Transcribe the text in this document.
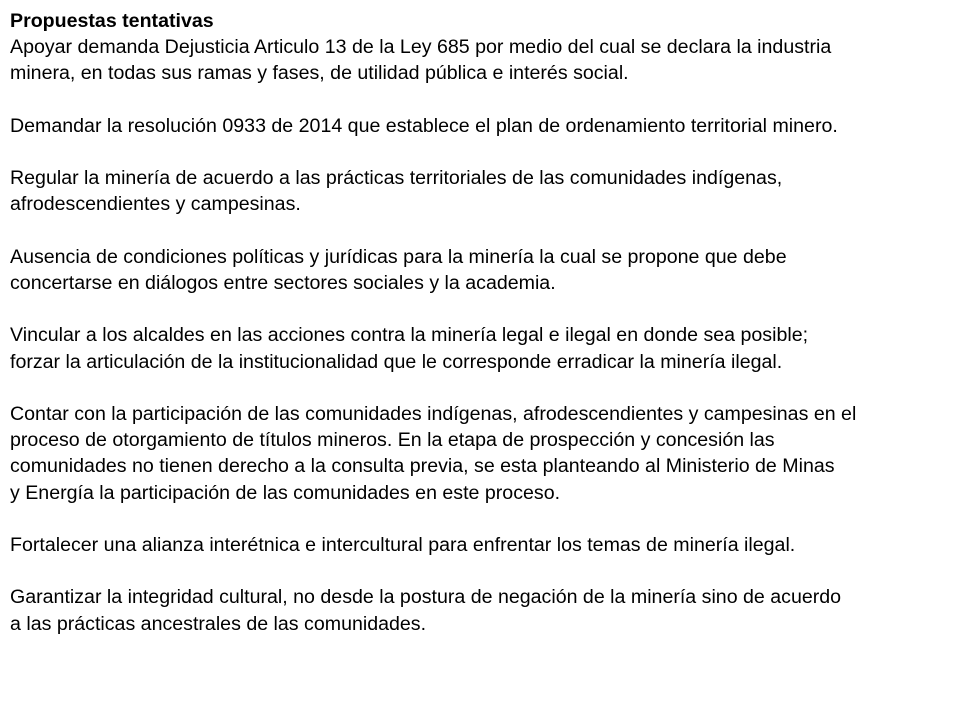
Propuestas tentativas

Apoyar demanda Dejusticia Articulo 13 de la Ley 685 por medio del cual se declara la industria
minera, en todas sus ramas y fases, de utilidad pública e interés social.

Demandar la resolución 0933 de 2014 que establece el plan de ordenamiento territorial minero.

Regular la minería de acuerdo a las prácticas territoriales de las comunidades indígenas,
afrodescendientes y campesinas.

Ausencia de condiciones políticas y jurídicas para la minería la cual se propone que debe
concertarse en diálogos entre sectores sociales y la academia.

Vincular a los alcaldes en las acciones contra la minería legal e ilegal en donde sea posible;
forzar la articulación de la institucionalidad que le corresponde erradicar la minería ilegal.

Contar con la participación de las comunidades indígenas, afrodescendientes y campesinas en el
proceso de otorgamiento de títulos mineros. En la etapa de prospección y concesión las
comunidades no tienen derecho a la consulta previa, se esta planteando al Ministerio de Minas
y Energía la participación de las comunidades en este proceso.

Fortalecer una alianza interétnica e intercultural para enfrentar los temas de minería ilegal.

Garantizar la integridad cultural, no desde la postura de negación de la minería sino de acuerdo
a las prácticas ancestrales de las comunidades.
